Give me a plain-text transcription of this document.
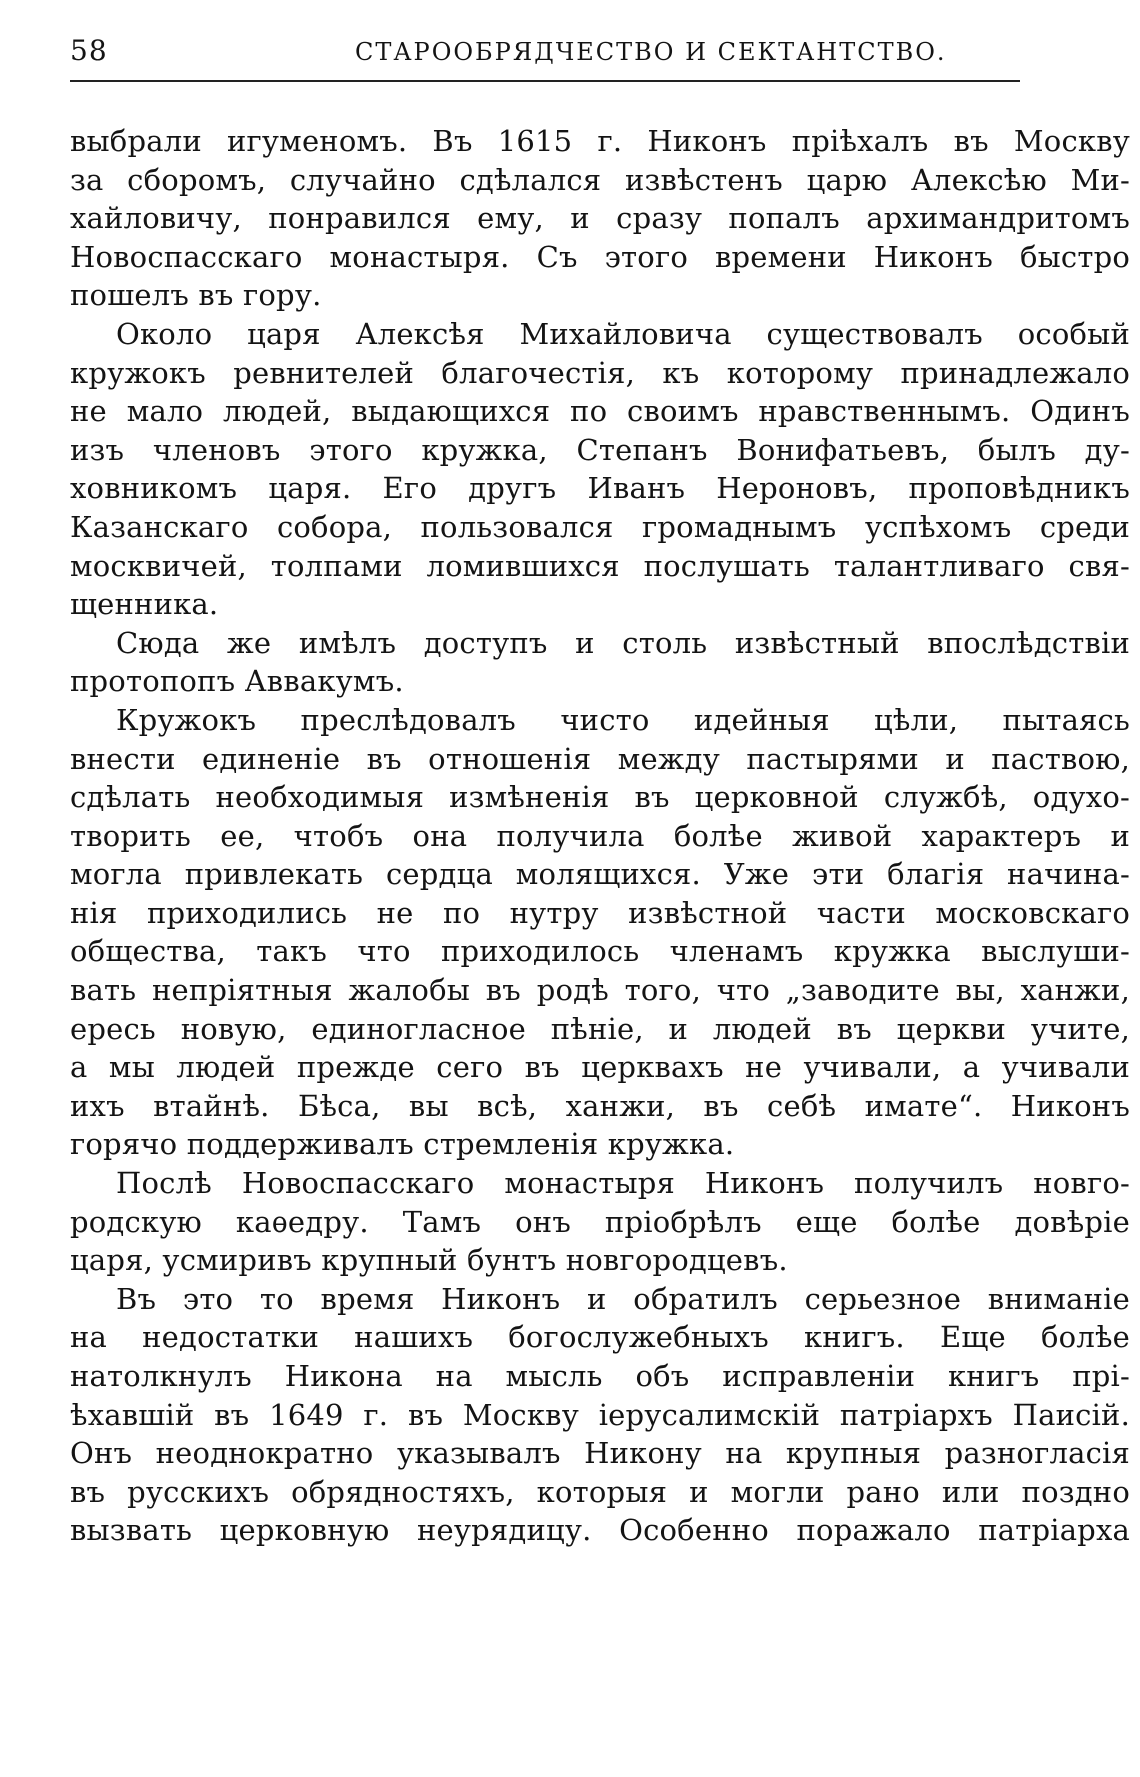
58	СТАРООБРЯДЧЕСТВО И СЕКТАНТСТВО.
выбрали игуменомъ. Въ 1615 г. Никонъ пріѣхалъ въ Москву
за сборомъ, случайно сдѣлался извѣстенъ царю Алексѣю Ми-
хайловичу, понравился ему, и сразу попалъ архимандритомъ
Новоспасскаго монастыря. Съ этого времени Никонъ быстро
пошелъ въ гору.
Около царя Алексѣя Михайловича существовалъ особый
кружокъ ревнителей благочестія, къ которому принадлежало
не мало людей, выдающихся по своимъ нравственнымъ. Одинъ
изъ членовъ этого кружка, Степанъ Вонифатьевъ, былъ ду-
ховникомъ царя. Его другъ Иванъ Нероновъ, проповѣдникъ
Казанскаго собора, пользовался громаднымъ успѣхомъ среди
москвичей, толпами ломившихся послушать талантливаго свя-
щенника.
Сюда же имѣлъ доступъ и столь извѣстный впослѣдствіи
протопопъ Аввакумъ.
Кружокъ преслѣдовалъ чисто идейныя цѣли, пытаясь
внести единеніе въ отношенія между пастырями и паствою,
сдѣлать необходимыя измѣненія въ церковной службѣ, одухо-
творить ее, чтобъ она получила болѣе живой характеръ и
могла привлекать сердца молящихся. Уже эти благія начина-
нія приходились не по нутру извѣстной части московскаго
общества, такъ что приходилось членамъ кружка выслуши-
вать непріятныя жалобы въ родѣ того, что „заводите вы, ханжи,
ересь новую, единогласное пѣніе, и людей въ церкви учите,
а мы людей прежде сего въ церквахъ не учивали, а учивали
ихъ втайнѣ. Бѣса, вы всѣ, ханжи, въ себѣ имате“. Никонъ
горячо поддерживалъ стремленія кружка.
Послѣ Новоспасскаго монастыря Никонъ получилъ новго-
родскую каѳедру. Тамъ онъ пріобрѣлъ еще болѣе довѣріе
царя, усмиривъ крупный бунтъ новгородцевъ.
Въ это то время Никонъ и обратилъ серьезное вниманіе
на недостатки нашихъ богослужебныхъ книгъ. Еще болѣе
натолкнулъ Никона на мысль объ исправленіи книгъ прі-
ѣхавшій въ 1649 г. въ Москву іерусалимскій патріархъ Паисій.
Онъ неоднократно указывалъ Никону на крупныя разногласія
въ русскихъ обрядностяхъ, которыя и могли рано или поздно
вызвать церковную неурядицу. Особенно поражало патріарха
